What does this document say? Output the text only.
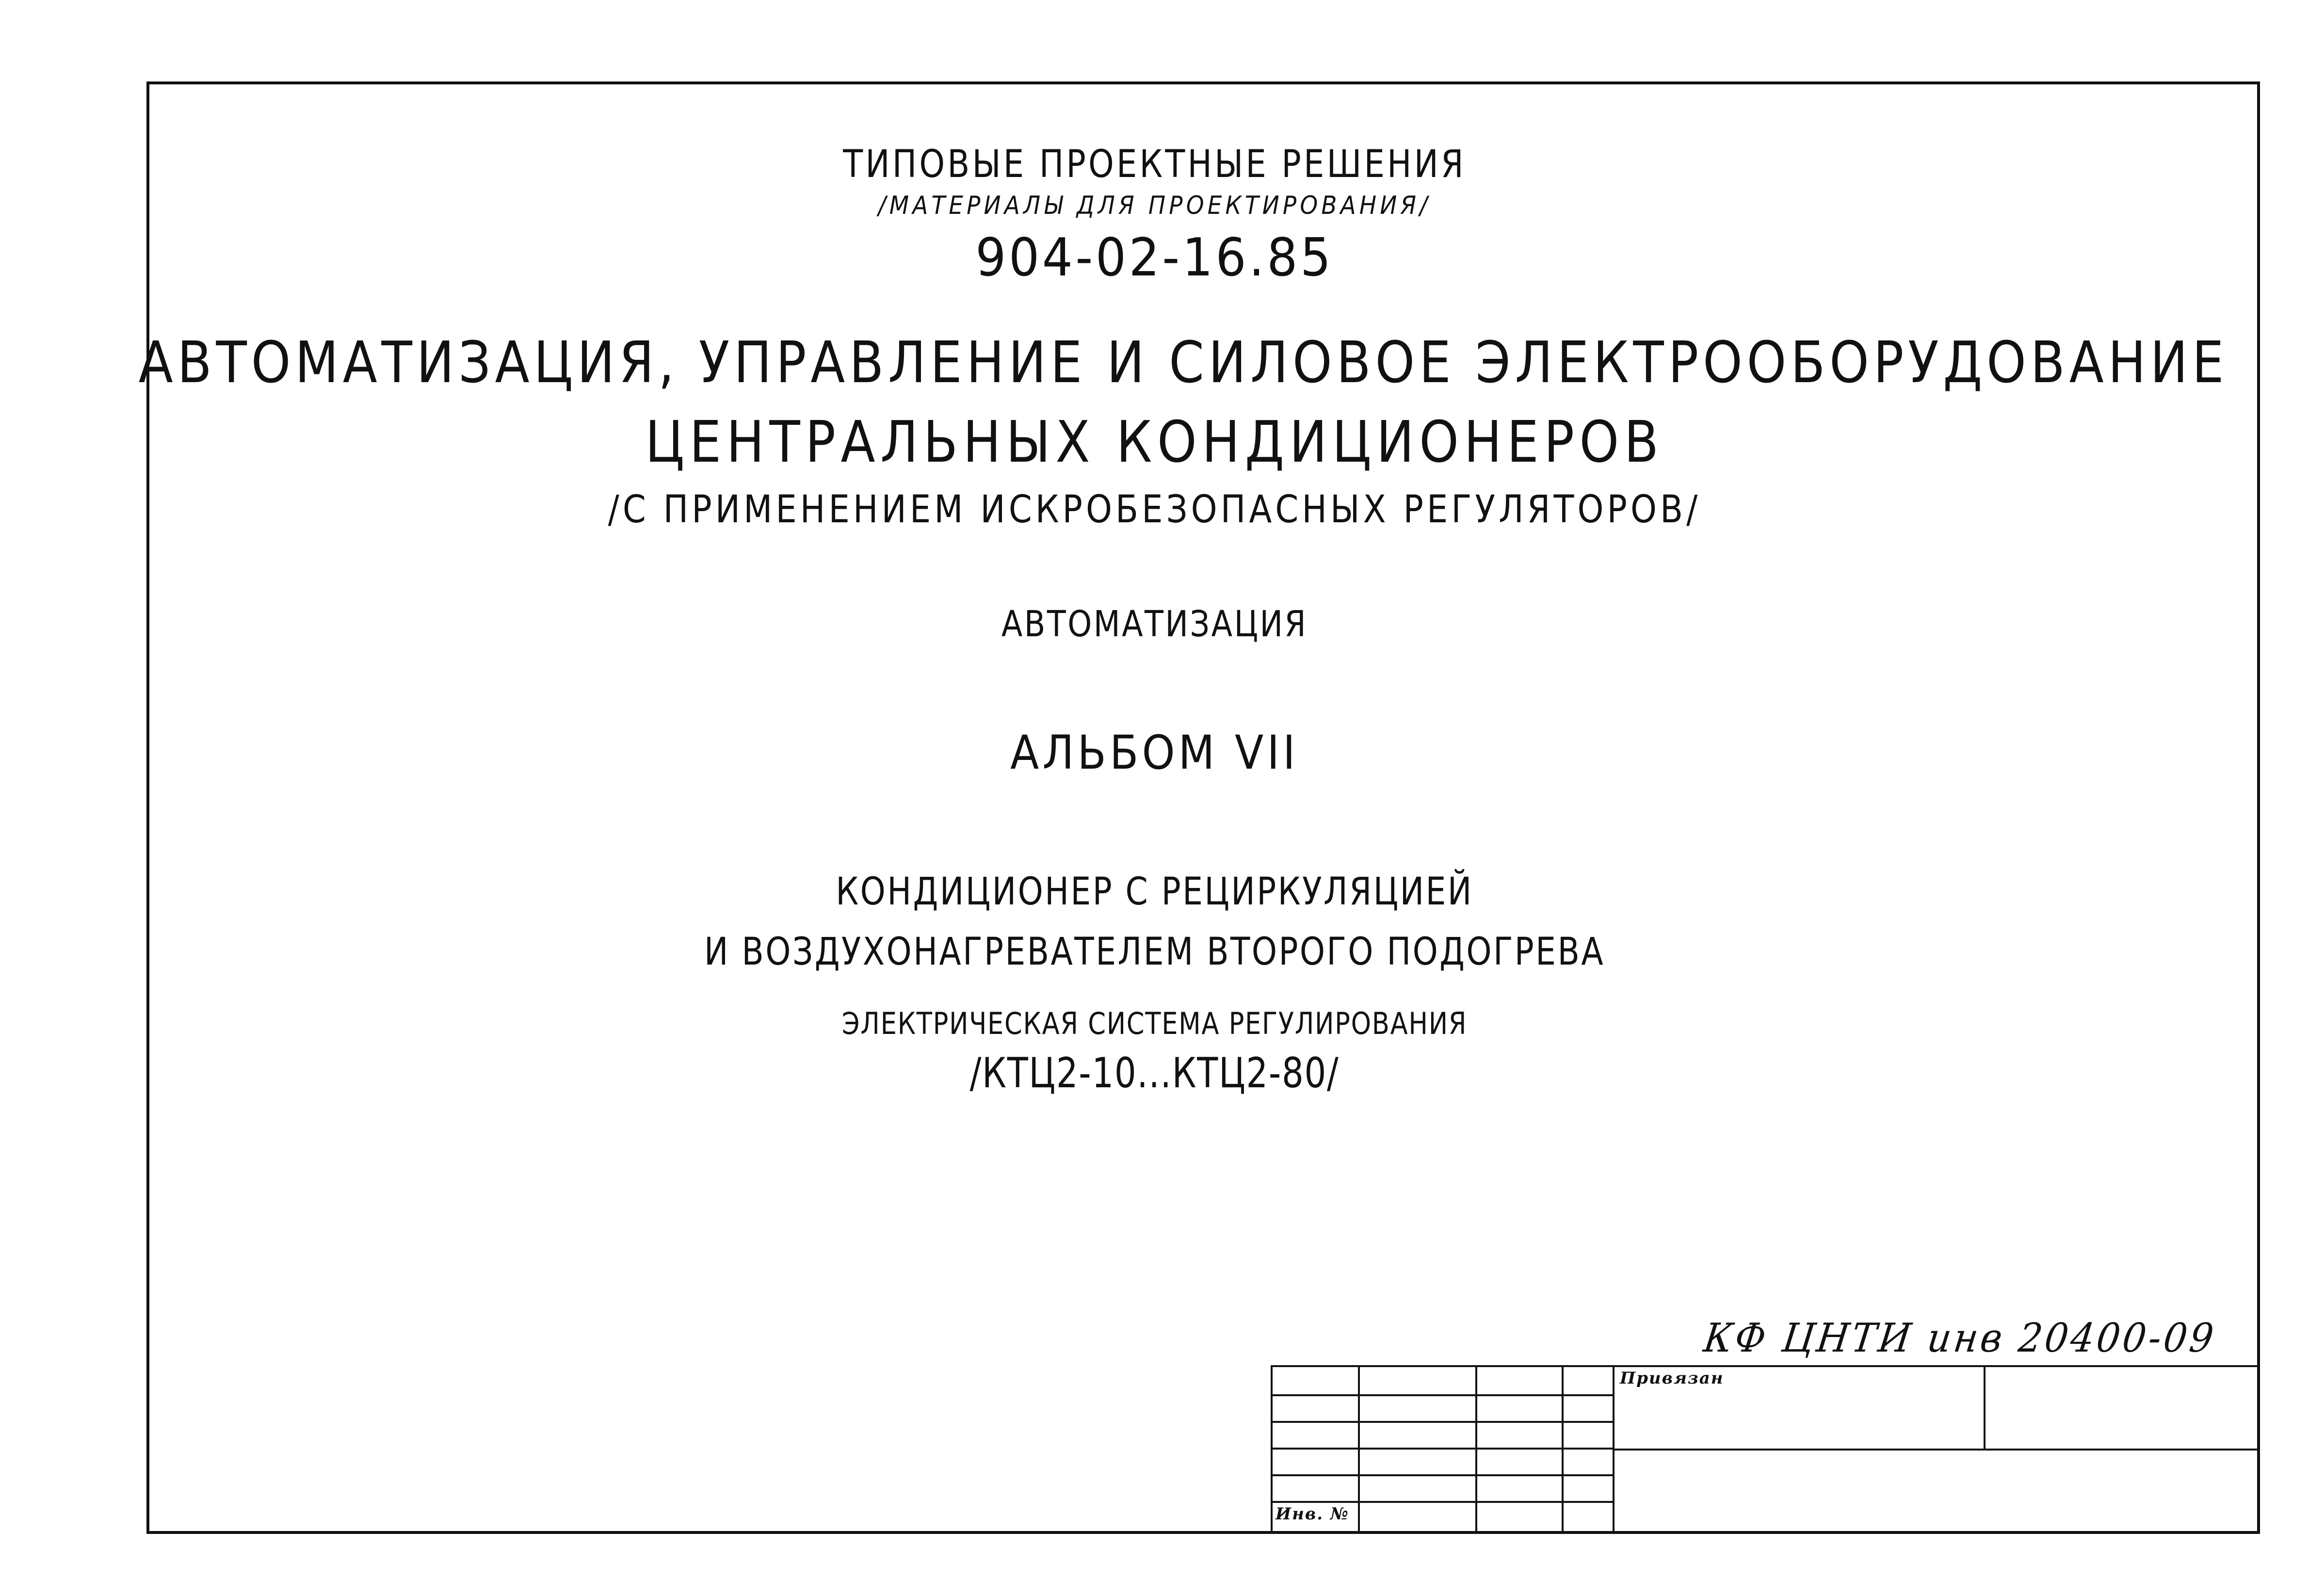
ТИПОВЫЕ ПРОЕКТНЫЕ РЕШЕНИЯ
/МАТЕРИАЛЫ ДЛЯ ПРОЕКТИРОВАНИЯ/
904-02-16.85
АВТОМАТИЗАЦИЯ, УПРАВЛЕНИЕ И СИЛОВОЕ ЭЛЕКТРООБОРУДОВАНИЕ
ЦЕНТРАЛЬНЫХ КОНДИЦИОНЕРОВ
/С ПРИМЕНЕНИЕМ ИСКРОБЕЗОПАСНЫХ РЕГУЛЯТОРОВ/
АВТОМАТИЗАЦИЯ
АЛЬБОМ VII
КОНДИЦИОНЕР С РЕЦИРКУЛЯЦИЕЙ
И ВОЗДУХОНАГРЕВАТЕЛЕМ ВТОРОГО ПОДОГРЕВА
ЭЛЕКТРИЧЕСКАЯ СИСТЕМА РЕГУЛИРОВАНИЯ
/КТЦ2-10...КТЦ2-80/
КФ ЦНТИ инв 20400-09
Привязан
Инв. №
